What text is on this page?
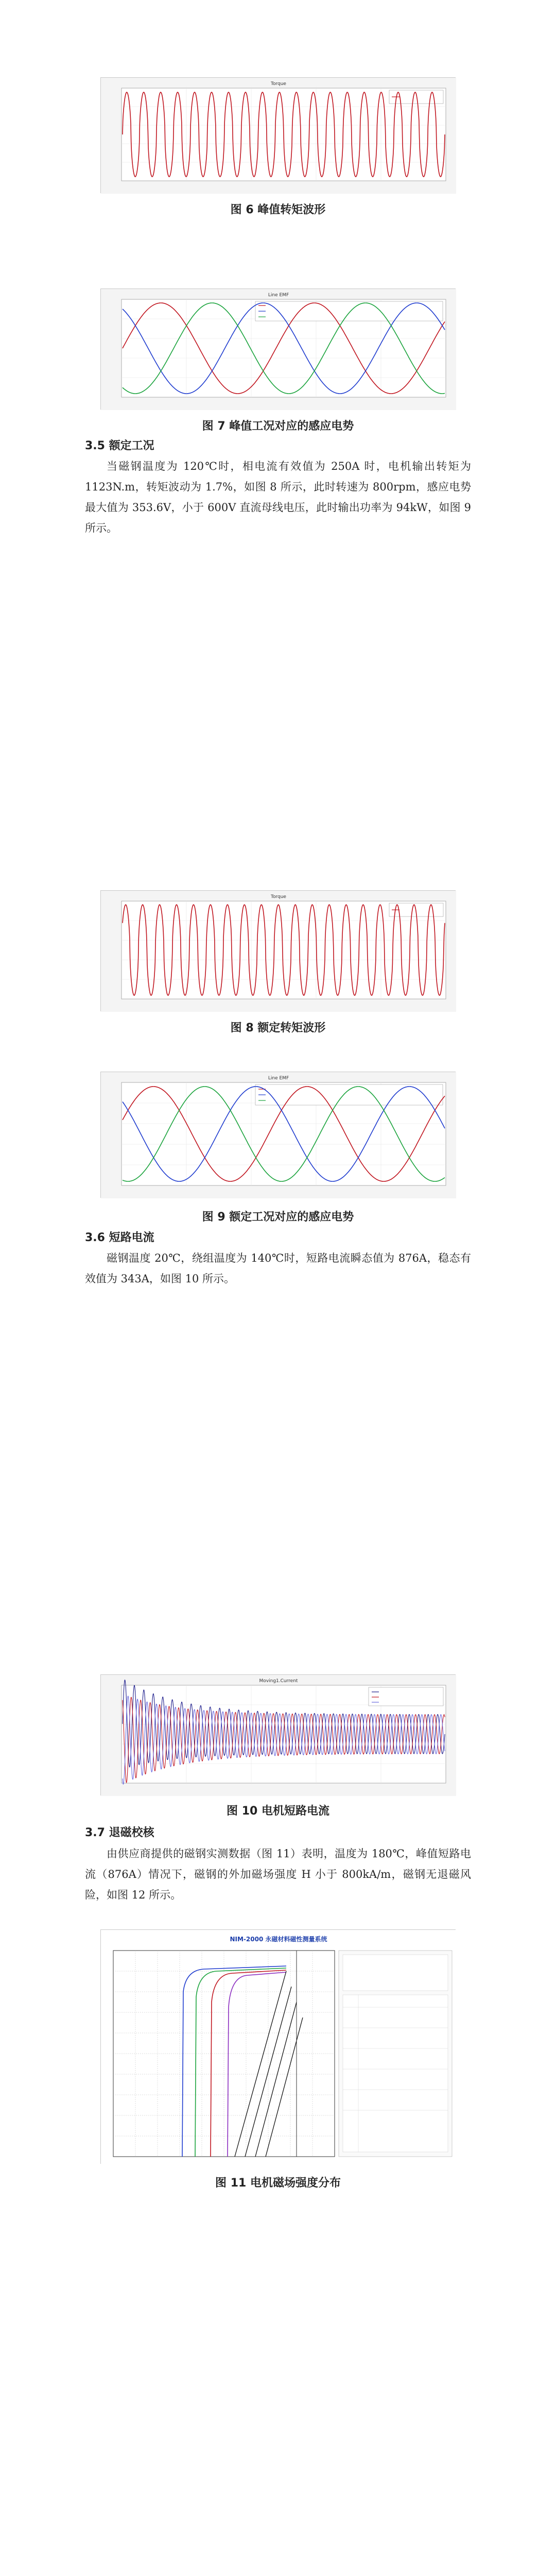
Torque
图 6 峰值转矩波形
Line EMF
图 7 峰值工况对应的感应电势
3.5 额定工况
当磁钢温度为 120℃时，相电流有效值为 250A 时，电机输出转矩为 1123N.m，转矩波动为 1.7%，如图 8 所示，此时转速为 800rpm，感应电势最大值为 353.6V，小于 600V 直流母线电压，此时输出功率为 94kW，如图 9 所示。
Torque
图 8 额定转矩波形
Line EMF
图 9 额定工况对应的感应电势
3.6 短路电流
磁钢温度 20℃，绕组温度为 140℃时，短路电流瞬态值为 876A，稳态有效值为 343A，如图 10 所示。
Moving1.Current
图 10 电机短路电流
3.7 退磁校核
由供应商提供的磁钢实测数据（图 11）表明，温度为 180℃，峰值短路电流（876A）情况下，磁钢的外加磁场强度 H 小于 800kA/m，磁钢无退磁风险，如图 12 所示。
NIM-2000 永磁材料磁性测量系统
图 11 电机磁场强度分布
